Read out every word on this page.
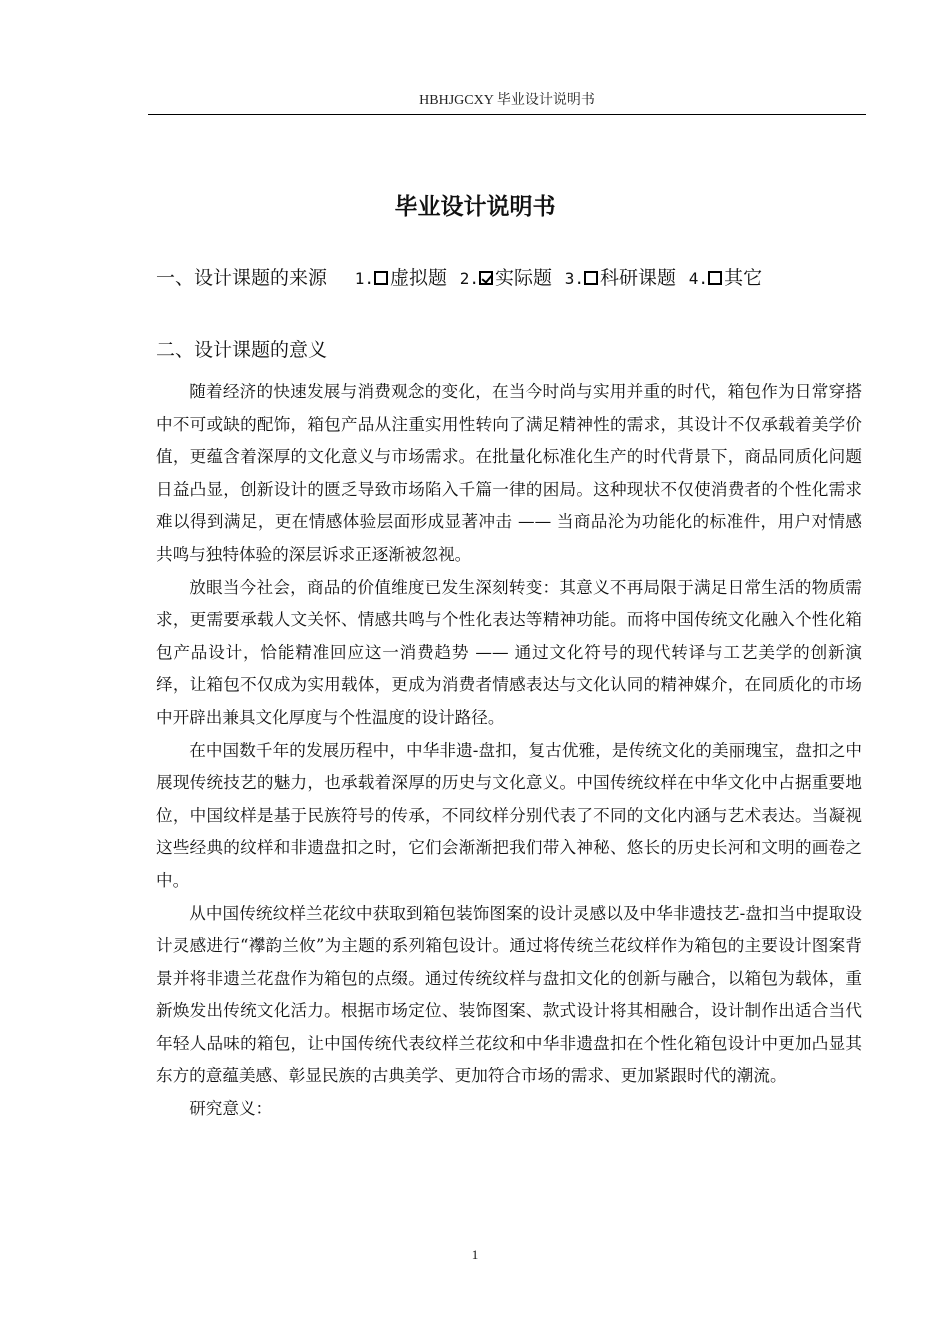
HBHJGCXY 毕业设计说明书
毕业设计说明书
一、设计课题的来源 1. 虚拟题 2. 实际题 3. 科研课题 4. 其它
二、设计课题的意义

随着经济的快速发展与消费观念的变化，在当今时尚与实用并重的时代，箱包作为日常穿搭中不可或缺的配饰，箱包产品从注重实用性转向了满足精神性的需求，其设计不仅承载着美学价值，更蕴含着深厚的文化意义与市场需求。在批量化标准化生产的时代背景下，商品同质化问题日益凸显，创新设计的匮乏导致市场陷入千篇一律的困局。这种现状不仅使消费者的个性化需求难以得到满足，更在情感体验层面形成显著冲击 —— 当商品沦为功能化的标准件，用户对情感共鸣与独特体验的深层诉求正逐渐被忽视。

放眼当今社会，商品的价值维度已发生深刻转变：其意义不再局限于满足日常生活的物质需求，更需要承载人文关怀、情感共鸣与个性化表达等精神功能。而将中国传统文化融入个性化箱包产品设计，恰能精准回应这一消费趋势 —— 通过文化符号的现代转译与工艺美学的创新演绎，让箱包不仅成为实用载体，更成为消费者情感表达与文化认同的精神媒介，在同质化的市场中开辟出兼具文化厚度与个性温度的设计路径。

在中国数千年的发展历程中，中华非遗-盘扣，复古优雅，是传统文化的美丽瑰宝，盘扣之中展现传统技艺的魅力，也承载着深厚的历史与文化意义。中国传统纹样在中华文化中占据重要地位，中国纹样是基于民族符号的传承，不同纹样分别代表了不同的文化内涵与艺术表达。当凝视这些经典的纹样和非遗盘扣之时，它们会渐渐把我们带入神秘、悠长的历史长河和文明的画卷之中。

从中国传统纹样兰花纹中获取到箱包装饰图案的设计灵感以及中华非遗技艺-盘扣当中提取设计灵感进行“襻韵兰攸”为主题的系列箱包设计。通过将传统兰花纹样作为箱包的主要设计图案背景并将非遗兰花盘作为箱包的点缀。通过传统纹样与盘扣文化的创新与融合，以箱包为载体，重新焕发出传统文化活力。根据市场定位、装饰图案、款式设计将其相融合，设计制作出适合当代年轻人品味的箱包，让中国传统代表纹样兰花纹和中华非遗盘扣在个性化箱包设计中更加凸显其东方的意蕴美感、彰显民族的古典美学、更加符合市场的需求、更加紧跟时代的潮流。

研究意义：

1
